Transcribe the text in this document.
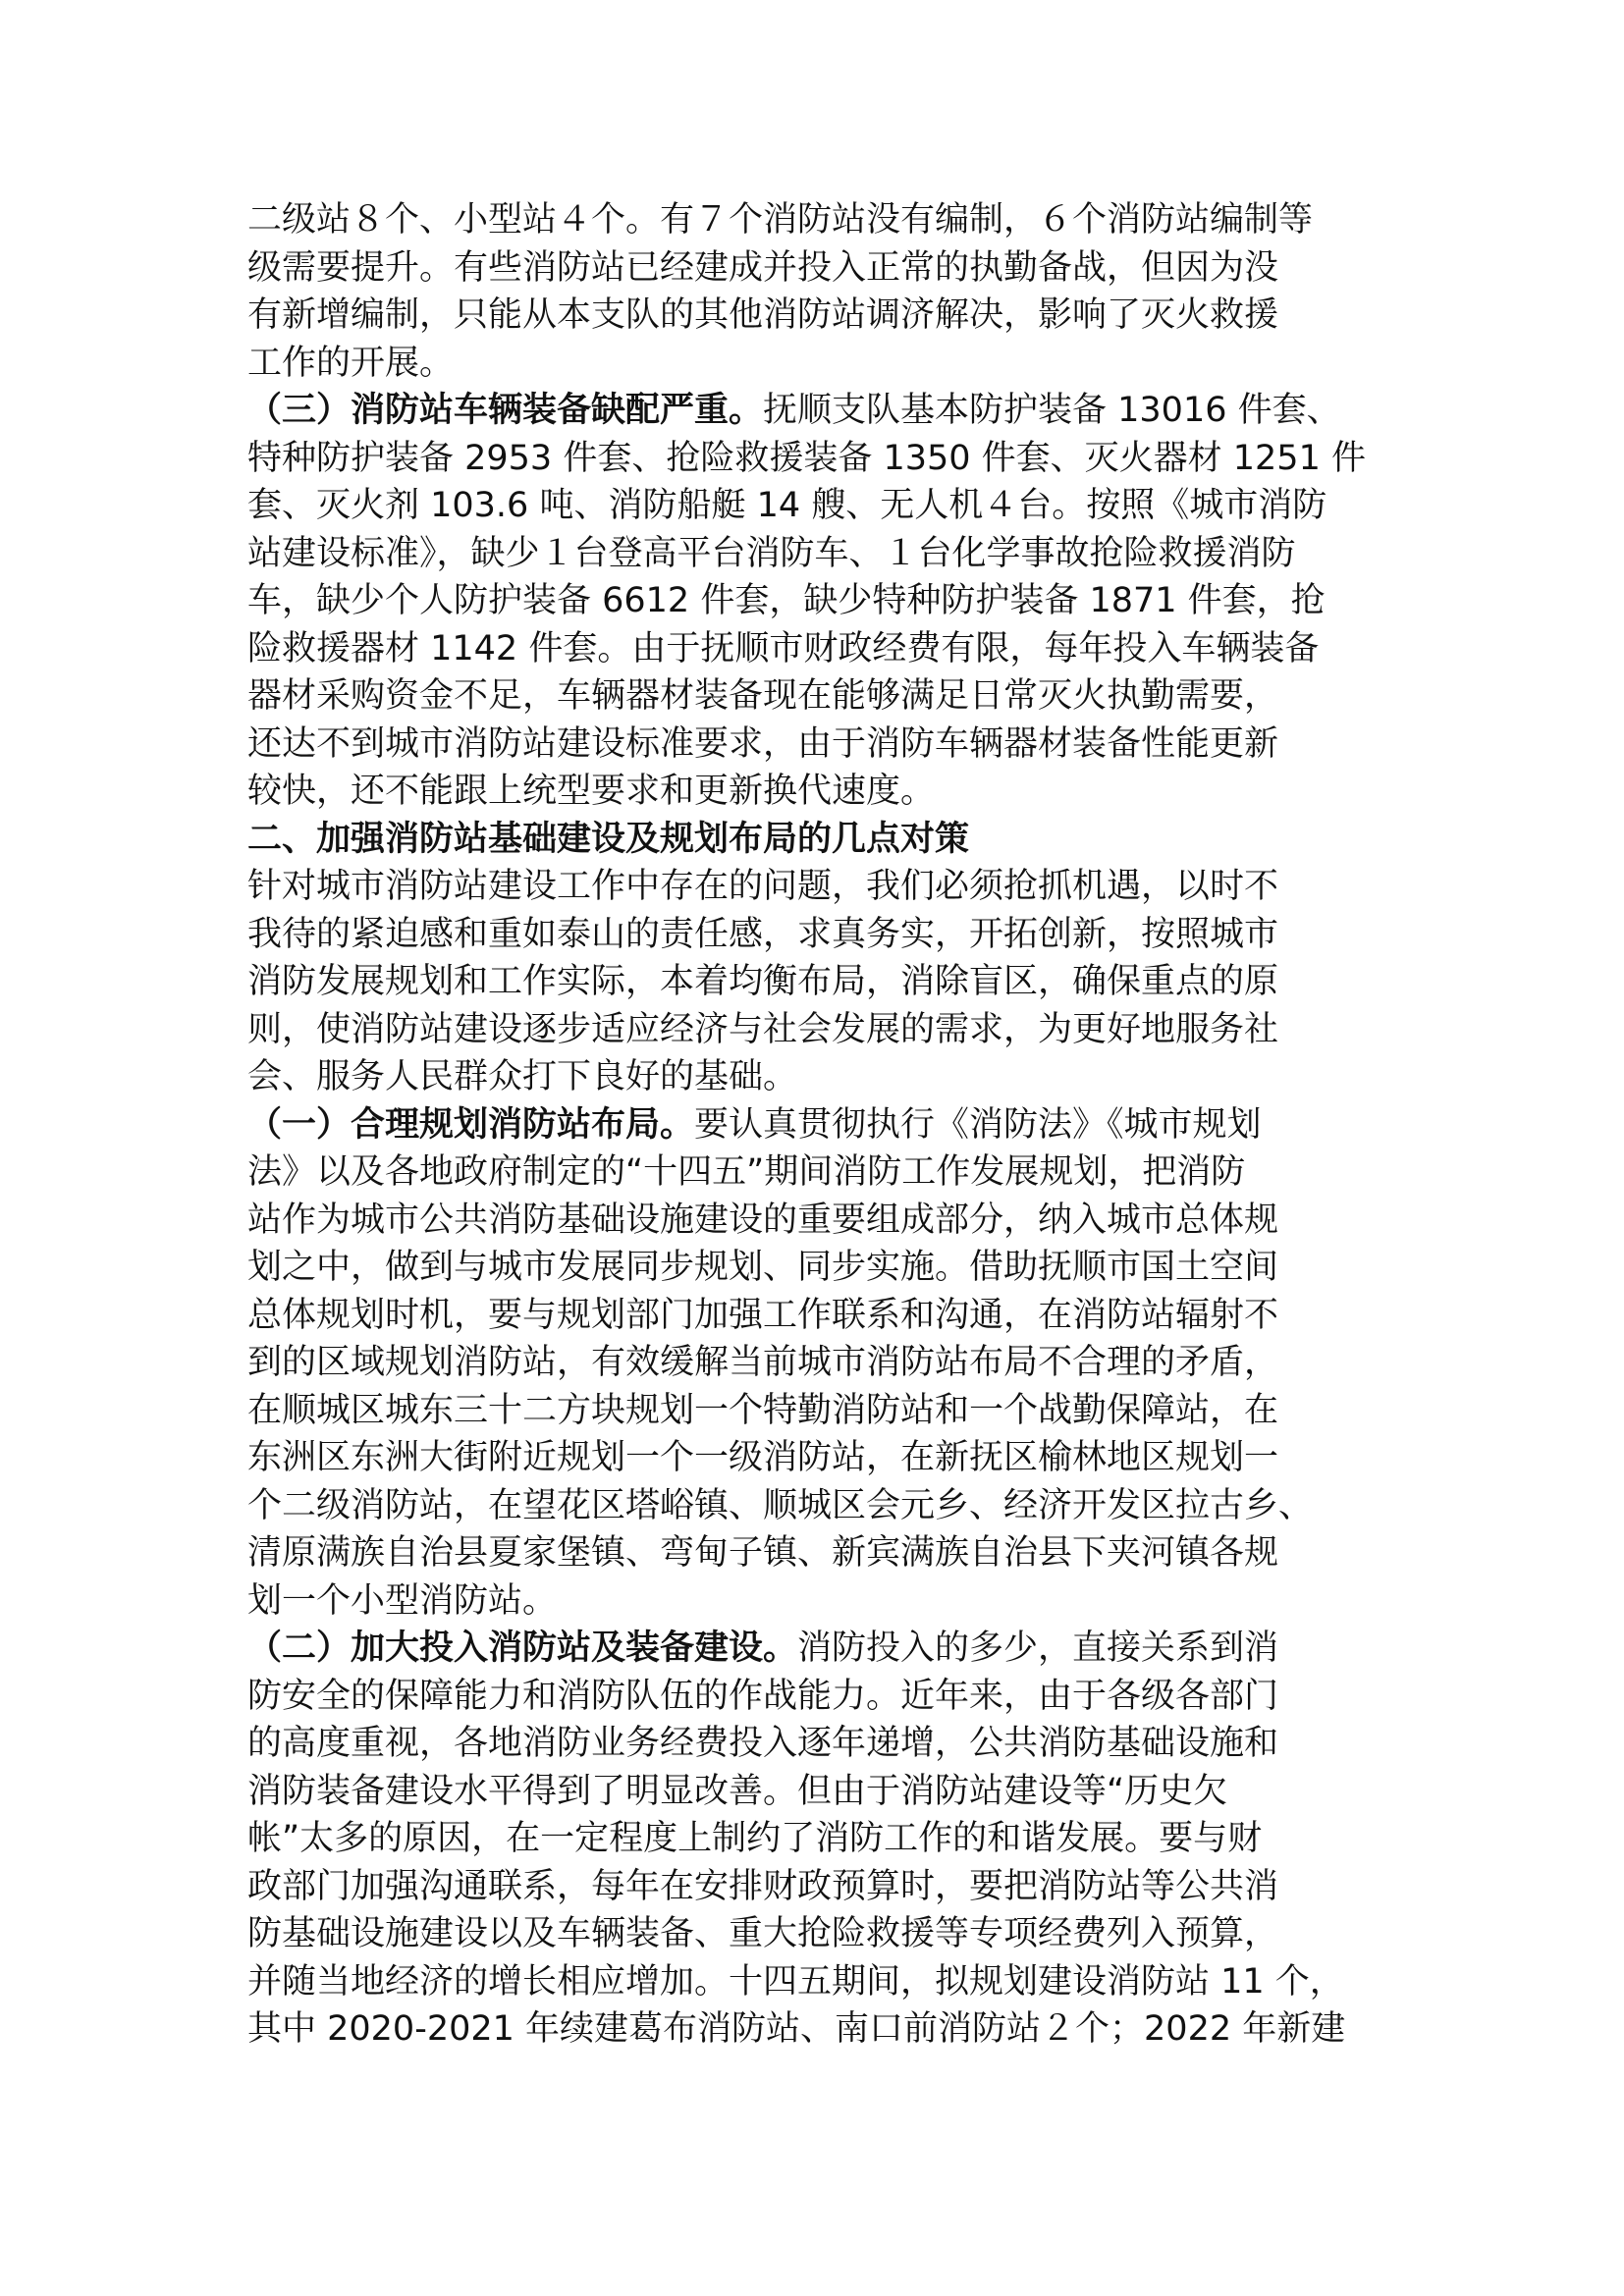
二级站８个、小型站４个。有７个消防站没有编制，６个消防站编制等
级需要提升。有些消防站已经建成并投入正常的执勤备战，但因为没
有新增编制，只能从本支队的其他消防站调济解决，影响了灭火救援
工作的开展。
（三）消防站车辆装备缺配严重。抚顺支队基本防护装备 13016 件套、
特种防护装备 2953 件套、抢险救援装备 1350 件套、灭火器材 1251 件
套、灭火剂 103.6 吨、消防船艇 14 艘、无人机４台。按照《城市消防
站建设标准》，缺少１台登高平台消防车、１台化学事故抢险救援消防
车，缺少个人防护装备 6612 件套，缺少特种防护装备 1871 件套，抢
险救援器材 1142 件套。由于抚顺市财政经费有限，每年投入车辆装备
器材采购资金不足，车辆器材装备现在能够满足日常灭火执勤需要，
还达不到城市消防站建设标准要求，由于消防车辆器材装备性能更新
较快，还不能跟上统型要求和更新换代速度。
二、加强消防站基础建设及规划布局的几点对策
针对城市消防站建设工作中存在的问题，我们必须抢抓机遇，以时不
我待的紧迫感和重如泰山的责任感，求真务实，开拓创新，按照城市
消防发展规划和工作实际，本着均衡布局，消除盲区，确保重点的原
则，使消防站建设逐步适应经济与社会发展的需求，为更好地服务社
会、服务人民群众打下良好的基础。
（一）合理规划消防站布局。要认真贯彻执行《消防法》《城市规划
法》以及各地政府制定的“十四五”期间消防工作发展规划，把消防
站作为城市公共消防基础设施建设的重要组成部分，纳入城市总体规
划之中，做到与城市发展同步规划、同步实施。借助抚顺市国土空间
总体规划时机，要与规划部门加强工作联系和沟通，在消防站辐射不
到的区域规划消防站，有效缓解当前城市消防站布局不合理的矛盾，
在顺城区城东三十二方块规划一个特勤消防站和一个战勤保障站，在
东洲区东洲大街附近规划一个一级消防站，在新抚区榆林地区规划一
个二级消防站，在望花区塔峪镇、顺城区会元乡、经济开发区拉古乡、
清原满族自治县夏家堡镇、弯甸子镇、新宾满族自治县下夹河镇各规
划一个小型消防站。
（二）加大投入消防站及装备建设。消防投入的多少，直接关系到消
防安全的保障能力和消防队伍的作战能力。近年来，由于各级各部门
的高度重视，各地消防业务经费投入逐年递增，公共消防基础设施和
消防装备建设水平得到了明显改善。但由于消防站建设等“历史欠
帐”太多的原因，在一定程度上制约了消防工作的和谐发展。要与财
政部门加强沟通联系，每年在安排财政预算时，要把消防站等公共消
防基础设施建设以及车辆装备、重大抢险救援等专项经费列入预算，
并随当地经济的增长相应增加。十四五期间，拟规划建设消防站 11 个，
其中 2020-2021 年续建葛布消防站、南口前消防站２个；2022 年新建
